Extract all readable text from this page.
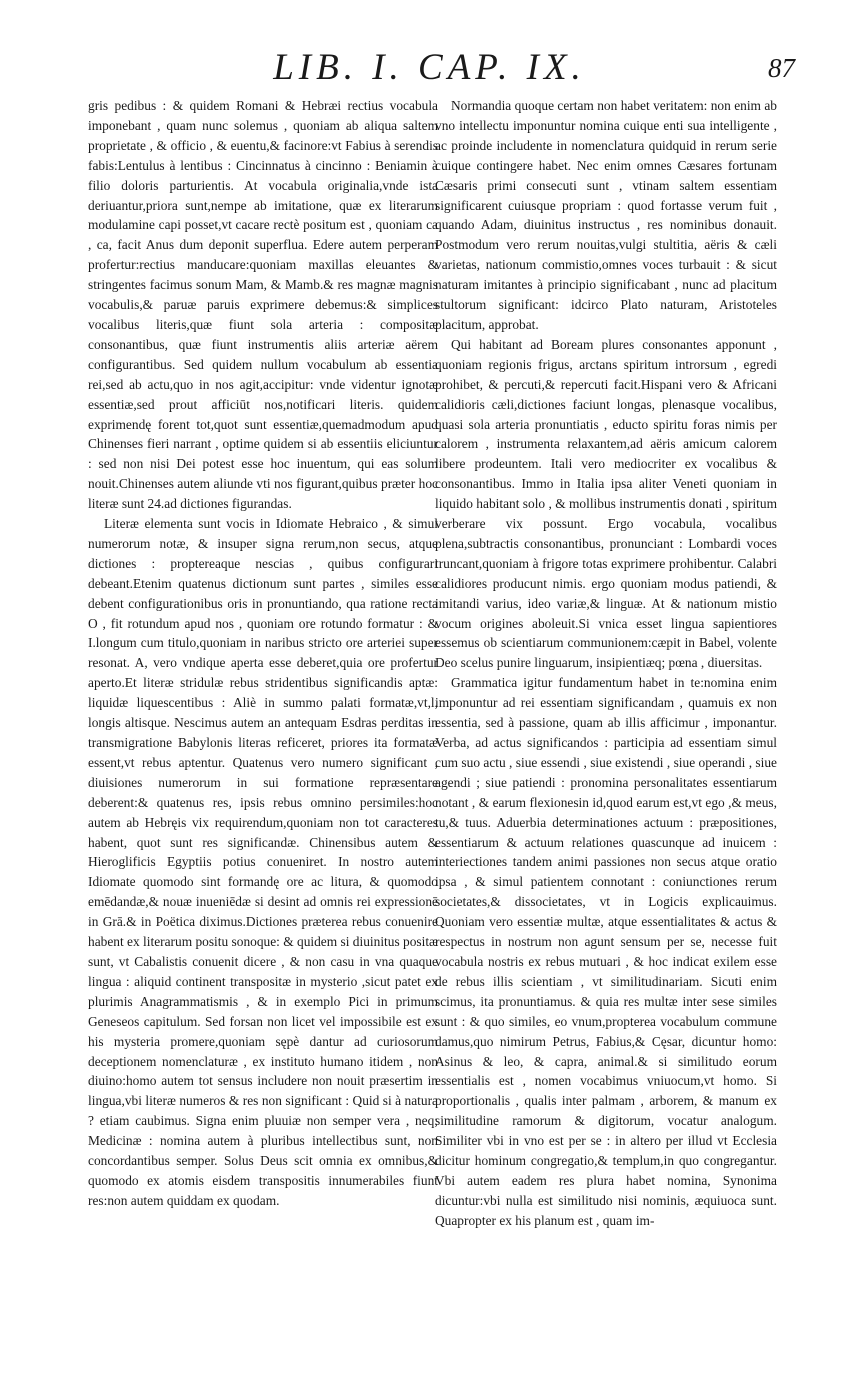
LIB. I. CAP. IX.	87

gris pedibus : & quidem Romani & Hebræi rectius vocabula imponebant , quam nunc solemus , quoniam ab aliqua saltem proprietate , & officio , & euentu,& facinore:vt Fabius à serendis fabis:Lentulus à lentibus : Cincinnatus à cincinno : Beniamin à filio doloris parturientis. At vocabula originalia,vnde ista deriuantur,priora sunt,nempe ab imitatione, quæ ex literarum modulamine capi posset,vt cacare rectè positum est , quoniam ca , ca, facit Anus dum deponit superflua. Edere autem perperam profertur:rectius manducare:quoniam maxillas eleuantes & stringentes facimus sonum Mam, & Mamb.& res magnæ magnis vocabulis,& paruæ paruis exprimere debemus:& simplices vocalibus literis,quæ fiunt sola arteria : compositæ consonantibus, quæ fiunt instrumentis aliis arteriæ aërem configurantibus. Sed quidem nullum vocabulum ab essentia rei,sed ab actu,quo in nos agit,accipitur: vnde videntur ignotæ essentiæ,sed prout afficiūt nos,notificari literis. quidem exprimendę forent tot,quot sunt essentiæ,quemadmodum apud Chinenses fieri narrant , optime quidem si ab essentiis eliciuntur : sed non nisi Dei potest esse hoc inuentum, qui eas solum nouit.Chinenses autem aliunde vti nos figurant,quibus præter hoc literæ sunt 24.ad dictiones figurandas.

Literæ elementa sunt vocis in Idiomate Hebraico , & simul numerorum notæ, & insuper signa rerum,non secus, atque dictiones : proptereaque nescias , quibus configurari debeant.Etenim quatenus dictionum sunt partes , similes esse debent configurationibus oris in pronuntiando, qua ratione recta O , fit rotundum apud nos , quoniam ore rotundo formatur : & I.longum cum titulo,quoniam in naribus stricto ore arteriei super resonat. A, vero vndique aperta esse deberet,quia ore profertur aperto.Et literæ stridulæ rebus stridentibus significandis aptæ: liquidæ liquescentibus : Aliè in summo palati formatæ,vt,l, longis altisque. Nescimus autem an antequam Esdras perditas in transmigratione Babylonis literas reficeret, priores ita formatæ essent,vt rebus aptentur. Quatenus vero numero significant , diuisiones numerorum in sui formatione repræsentare deberent:& quatenus res, ipsis rebus omnino persimiles:hoc autem ab Hebręis vix requirendum,quoniam non tot caracteres habent, quot sunt res significandæ. Chinensibus autem & Hieroglificis Egyptiis potius conueniret. In nostro autem Idiomate quomodo sint formandę ore ac litura, & quomodo emēdandæ,& nouæ inueniēdæ si desint ad omnis rei expressionē in Grā.& in Poëtica diximus.Dictiones præterea rebus conuenire habent ex literarum positu sonoque: & quidem si diuinitus positæ sunt, vt Cabalistis conuenit dicere , & non casu in vna quaque lingua : aliquid continent transpositæ in mysterio ,sicut patet ex plurimis Anagrammatismis , & in exemplo Pici in primum Geneseos capitulum. Sed forsan non licet vel impossibile est ex his mysteria promere,quoniam sępè dantur ad curiosorum deceptionem nomenclaturæ , ex instituto humano itidem , non diuino:homo autem tot sensus includere non nouit præsertim in lingua,vbi literæ numeros & res non significant : Quid si à natura ? etiam caubimus. Signa enim pluuiæ non semper vera , neq; Medicinæ : nomina autem à pluribus intellectibus sunt, non concordantibus semper. Solus Deus scit omnia ex omnibus,& quomodo ex atomis eisdem transpositis innumerabiles fiunt res:non autem quiddam ex quodam.

Normandia quoque certam non habet veritatem: non enim ab vno intellectu imponuntur nomina cuique enti sua intelligente , ac proinde includente in nomenclatura quidquid in rerum serie cuique contingere habet. Nec enim omnes Cæsares fortunam Cæsaris primi consecuti sunt , vtinam saltem essentiam significarent cuiusque propriam : quod fortasse verum fuit , quando Adam, diuinitus instructus , res nominibus donauit. Postmodum vero rerum nouitas,vulgi stultitia, aëris & cæli varietas, nationum commistio,omnes voces turbauit : & sicut naturam imitantes à principio significabant , nunc ad placitum stultorum significant: idcirco Plato naturam, Aristoteles placitum, approbat.

Qui habitant ad Boream plures consonantes apponunt , quoniam regionis frigus, arctans spiritum introrsum , egredi prohibet, & percuti,& repercuti facit.Hispani vero & Africani calidioris cæli,dictiones faciunt longas, plenasque vocalibus, quasi sola arteria pronuntiatis , educto spiritu foras nimis per calorem , instrumenta relaxantem,ad aëris amicum calorem libere prodeuntem. Itali vero mediocriter ex vocalibus & consonantibus. Immo in Italia ipsa aliter Veneti quoniam in liquido habitant solo , & mollibus instrumentis donati , spiritum verberare vix possunt. Ergo vocabula, vocalibus plena,subtractis consonantibus, pronunciant : Lombardi voces truncant,quoniam à frigore totas exprimere prohibentur. Calabri calidiores producunt nimis. ergo quoniam modus patiendi, & imitandi varius, ideo variæ,& linguæ. At & nationum mistio vocum origines aboleuit.Si vnica esset lingua sapientiores essemus ob scientiarum communionem:cæpit in Babel, volente Deo scelus punire linguarum, insipientiæq; pœna , diuersitas.

Grammatica igitur fundamentum habet in te:nomina enim imponuntur ad rei essentiam significandam , quamuis ex non essentia, sed à passione, quam ab illis afficimur , imponantur. Verba, ad actus significandos : participia ad essentiam simul cum suo actu , siue essendi , siue existendi , siue operandi , siue agendi ; siue patiendi : pronomina personalitates essentiarum notant , & earum flexionesin id,quod earum est,vt ego ,& meus, tu,& tuus. Aduerbia determinationes actuum : præpositiones, essentiarum & actuum relationes quascunque ad inuicem : interiectiones tandem animi passiones non secus atque oratio ipsa , & simul patientem connotant : coniunctiones rerum societates,& dissocietates, vt in Logicis explicauimus. Quoniam vero essentiæ multæ, atque essentialitates & actus & respectus in nostrum non agunt sensum per se, necesse fuit vocabula nostris ex rebus mutuari , & hoc indicat exilem esse de rebus illis scientiam , vt similitudinariam. Sicuti enim scimus, ita pronuntiamus. & quia res multæ inter sese similes sunt : & quo similes, eo vnum,propterea vocabulum commune damus,quo nimirum Petrus, Fabius,& Cęsar, dicuntur homo: Asinus & leo, & capra, animal.& si similitudo eorum essentialis est , nomen vocabimus vniuocum,vt homo. Si proportionalis , qualis inter palmam , arborem, & manum ex similitudine ramorum & digitorum, vocatur analogum. Similiter vbi in vno est per se : in altero per illud vt Ecclesia dicitur hominum congregatio,& templum,in quo congregantur. Vbi autem eadem res plura habet nomina, Synonima dicuntur:vbi nulla est similitudo nisi nominis, æquiuoca sunt. Quapropter ex his planum est , quam im-
